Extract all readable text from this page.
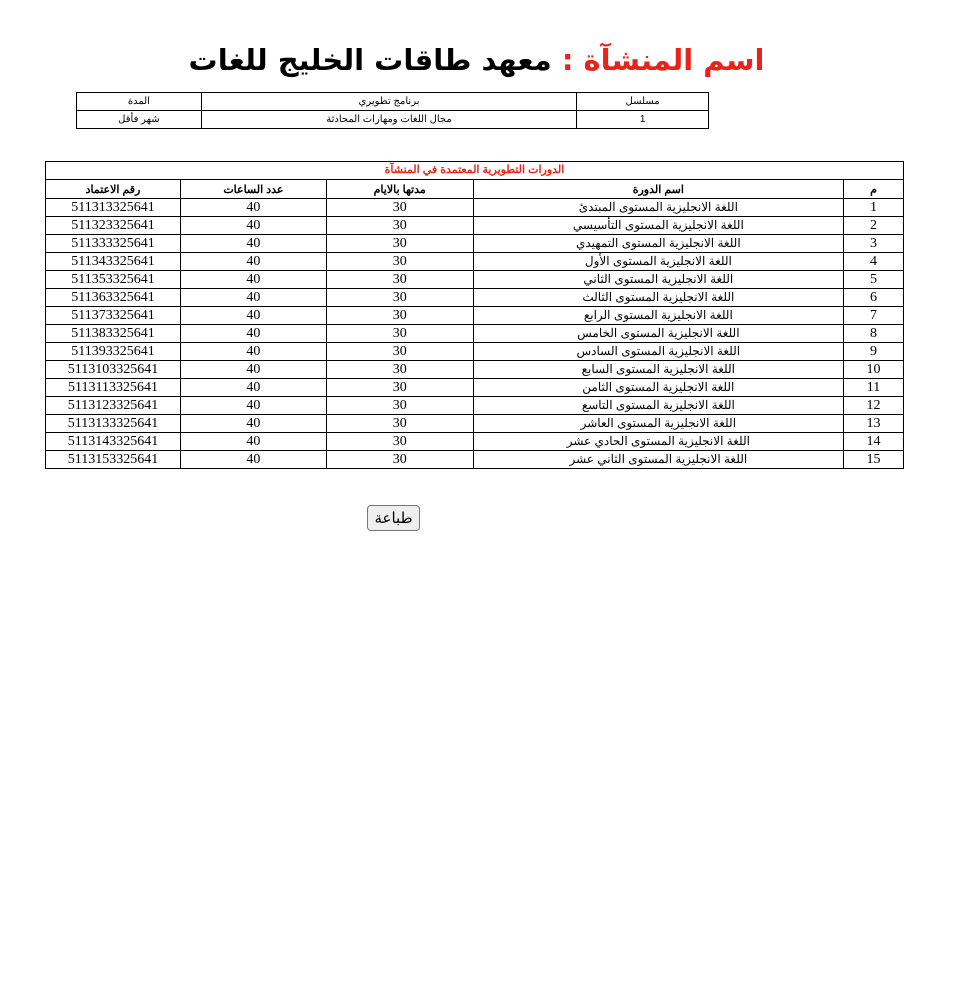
اسم المنشآة : معهد طاقات الخليج للغات
مسلسل	برنامج تطويري	المدة
1	مجال اللغات ومهارات المحادثة	شهر فأقل
الدورات التطويرية المعتمدة في المنشآة				
م	اسم الدورة	مدتها بالايام	عدد الساعات	رقم الاعتماد
1	اللغة الانجليزية المستوى المبتدئ	30	40	511313325641
2	اللغة الانجليزية المستوى التأسيسي	30	40	511323325641
3	اللغة الانجليزية المستوى التمهيدي	30	40	511333325641
4	اللغة الانجليزية المستوى الأول	30	40	511343325641
5	اللغة الانجليزية المستوى الثاني	30	40	511353325641
6	اللغة الانجليزية المستوى الثالث	30	40	511363325641
7	اللغة الانجليزية المستوى الرابع	30	40	511373325641
8	اللغة الانجليزية المستوى الخامس	30	40	511383325641
9	اللغة الانجليزية المستوى السادس	30	40	511393325641
10	اللغة الانجليزية المستوى السابع	30	40	5113103325641
11	اللغة الانجليزية المستوى الثامن	30	40	5113113325641
12	اللغة الانجليزية المستوى التاسع	30	40	5113123325641
13	اللغة الانجليزية المستوى العاشر	30	40	5113133325641
14	اللغة الانجليزية المستوى الحادي عشر	30	40	5113143325641
15	اللغة الانجليزية المستوى الثاني عشر	30	40	5113153325641
طباعة
